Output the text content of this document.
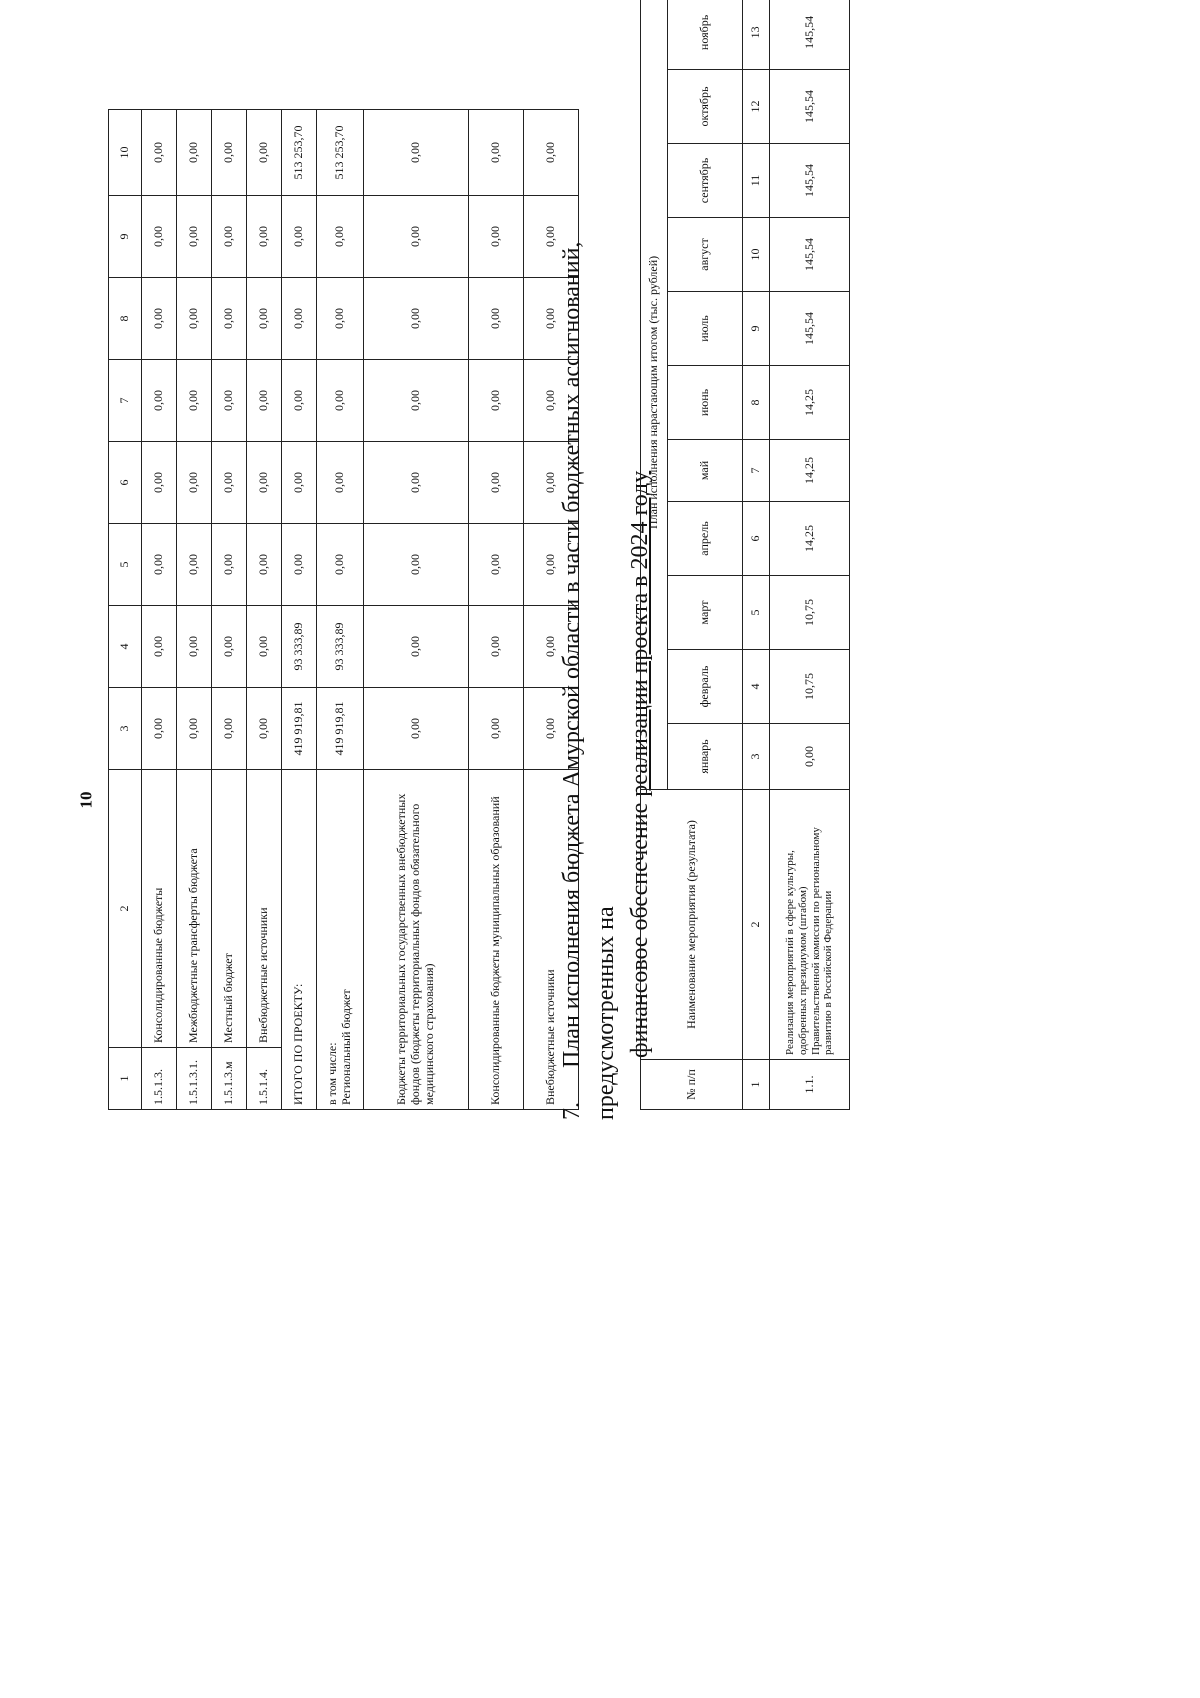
10
1	2	3	4	5	6	7	8	9	10
1.5.1.3.	Консолидированные бюджеты	0,00	0,00	0,00	0,00	0,00	0,00	0,00	0,00
1.5.1.3.1.	Межбюджетные трансферты бюджета	0,00	0,00	0,00	0,00	0,00	0,00	0,00	0,00
1.5.1.3.м	Местный бюджет	0,00	0,00	0,00	0,00	0,00	0,00	0,00	0,00
1.5.1.4.	Внебюджетные источники	0,00	0,00	0,00	0,00	0,00	0,00	0,00	0,00
ИТОГО ПО ПРОЕКТУ:		419 919,81	93 333,89	0,00	0,00	0,00	0,00	0,00	513 253,70
в том числе:
Региональный бюджет		419 919,81	93 333,89	0,00	0,00	0,00	0,00	0,00	513 253,70
Бюджеты территориальных государственных внебюджетных фондов (бюджеты территориальных фондов обязательного медицинского страхования)		0,00	0,00	0,00	0,00	0,00	0,00	0,00	0,00
Консолидированные бюджеты муниципальных образований		0,00	0,00	0,00	0,00	0,00	0,00	0,00	0,00
Внебюджетные источники		0,00	0,00	0,00	0,00	0,00	0,00	0,00	0,00
7.План исполнения бюджета Амурской области в части бюджетных ассигнований, предусмотренных на финансовое обеспечение реализации проекта в 2024 году
№ п/п	Наименование мероприятия (результата)	План исполнения нарастающим итогом (тыс. рублей)	
		январь	февраль	март	апрель	май	июнь	июль	август	сентябрь	октябрь	ноябрь	
1	2	3	4	5	6	7	8	9	10	11	12	13	
1.1.	Реализация мероприятий в сфере культуры, одобренных президиумом (штабом) Правительственной комиссии по региональному развитию в Российской Федерации	0,00	10,75	10,75	14,25	14,25	14,25	145,54	145,54	145,54	145,54	145,54	
